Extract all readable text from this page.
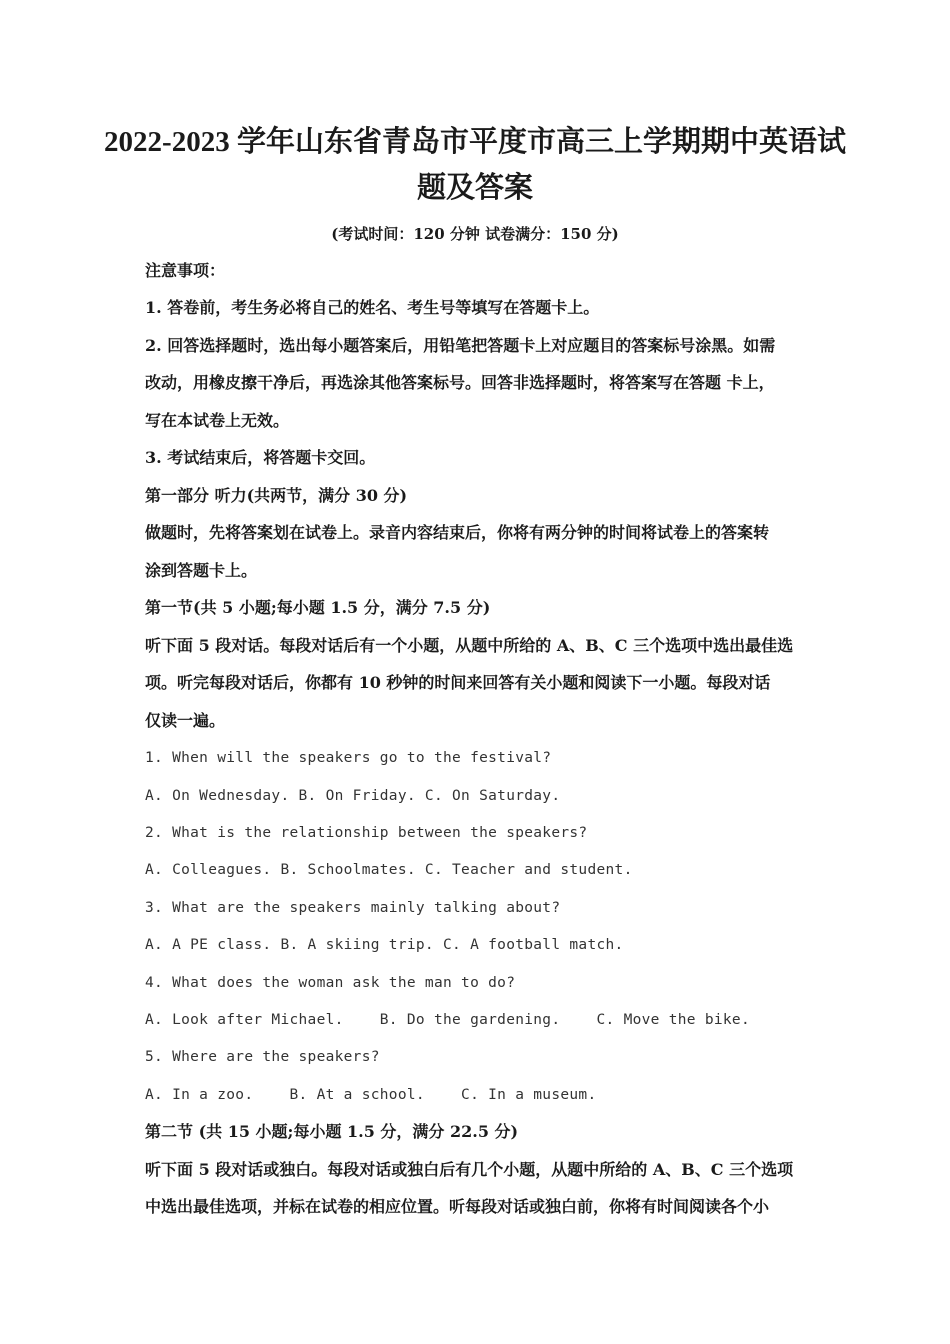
2022-2023 学年山东省青岛市平度市高三上学期期中英语试
题及答案
(考试时间：120 分钟 试卷满分：150 分)
注意事项：
1. 答卷前，考生务必将自己的姓名、考生号等填写在答题卡上。
2. 回答选择题时，选出每小题答案后，用铅笔把答题卡上对应题目的答案标号涂黑。如需
改动，用橡皮擦干净后，再选涂其他答案标号。回答非选择题时，将答案写在答题 卡上，
写在本试卷上无效。
3. 考试结束后，将答题卡交回。
第一部分 听力(共两节，满分 30 分)
做题时，先将答案划在试卷上。录音内容结束后，你将有两分钟的时间将试卷上的答案转
涂到答题卡上。
第一节(共 5 小题;每小题 1.5 分，满分 7.5 分)
听下面 5 段对话。每段对话后有一个小题，从题中所给的 A、B、C 三个选项中选出最佳选
项。听完每段对话后，你都有 10 秒钟的时间来回答有关小题和阅读下一小题。每段对话
仅读一遍。
1. When will the speakers go to the festival?
A. On Wednesday. B. On Friday. C. On Saturday.
2. What is the relationship between the speakers?
A. Colleagues. B. Schoolmates. C. Teacher and student.
3. What are the speakers mainly talking about?
A. A PE class. B. A skiing trip. C. A football match.
4. What does the woman ask the man to do?
A. Look after Michael.    B. Do the gardening.    C. Move the bike.
5. Where are the speakers?
A. In a zoo.    B. At a school.    C. In a museum.
第二节 (共 15 小题;每小题 1.5 分，满分 22.5 分)
听下面 5 段对话或独白。每段对话或独白后有几个小题，从题中所给的 A、B、C 三个选项
中选出最佳选项，并标在试卷的相应位置。听每段对话或独白前，你将有时间阅读各个小
